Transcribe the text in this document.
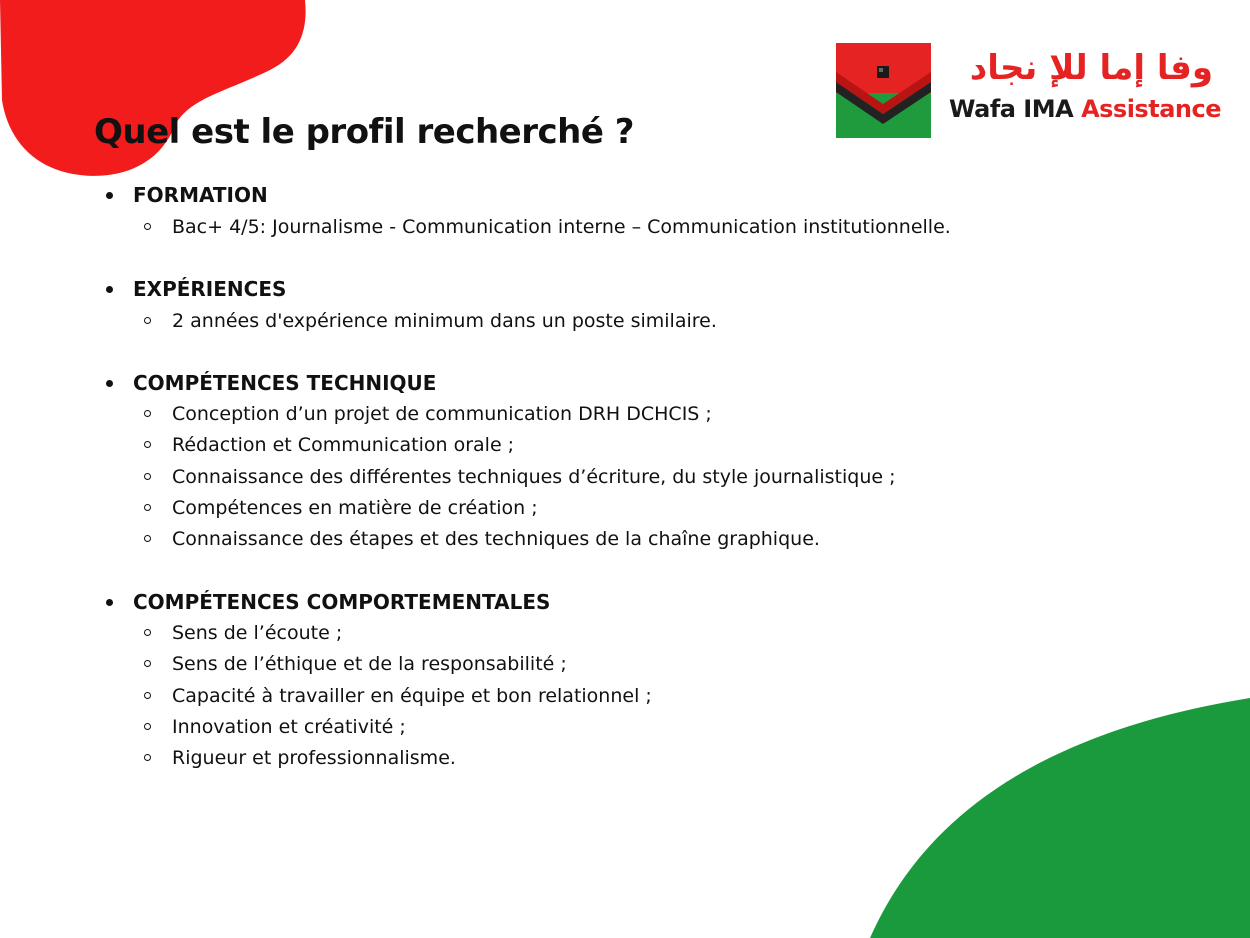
وفا إما للإ نجاد
Wafa IMA Assistance
Quel est le profil recherché ?
FORMATION
Bac+ 4/5: Journalisme - Communication interne – Communication institutionnelle.
EXPÉRIENCES
2 années d'expérience minimum dans un poste similaire.
COMPÉTENCES TECHNIQUE
Conception d’un projet de communication DRH DCHCIS ;
Rédaction et Communication orale ;
Connaissance des différentes techniques d’écriture, du style journalistique ;
Compétences en matière de création ;
Connaissance des étapes et des techniques de la chaîne graphique.
COMPÉTENCES COMPORTEMENTALES
Sens de l’écoute ;
Sens de l’éthique et de la responsabilité ;
Capacité à travailler en équipe et bon relationnel ;
Innovation et créativité ;
Rigueur et professionnalisme.
